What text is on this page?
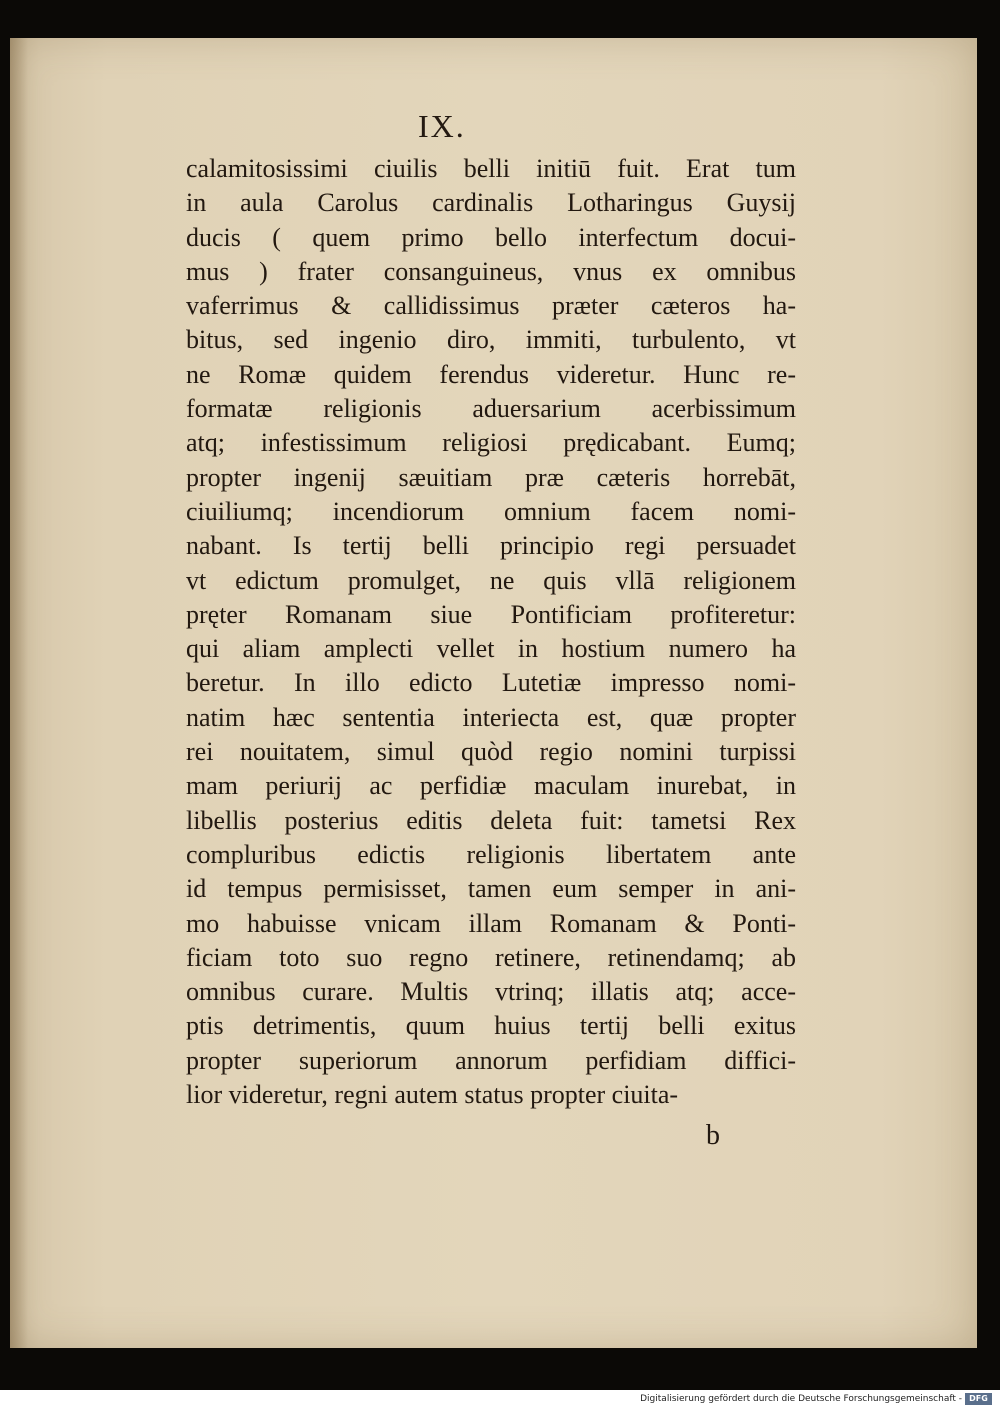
IX.
calamitosissimi ciuilis belli initiū fuit. Erat tum
in aula Carolus cardinalis Lotharingus Guysij
ducis ( quem primo bello interfectum docui-
mus ) frater consanguineus, vnus ex omnibus
vaferrimus & callidissimus præter cæteros ha-
bitus, sed ingenio diro, immiti, turbulento, vt
ne Romæ quidem ferendus videretur. Hunc re-
formatæ religionis aduersarium acerbissimum
atq; infestissimum religiosi prędicabant. Eumq;
propter ingenij sæuitiam præ cæteris horrebāt,
ciuiliumq; incendiorum omnium facem nomi-
nabant. Is tertij belli principio regi persuadet
vt edictum promulget, ne quis vllā religionem
pręter Romanam siue Pontificiam profiteretur:
qui aliam amplecti vellet in hostium numero ha
beretur. In illo edicto Lutetiæ impresso nomi-
natim hæc sententia interiecta est, quæ propter
rei nouitatem, simul quòd regio nomini turpissi
mam periurij ac perfidiæ maculam inurebat, in
libellis posterius editis deleta fuit: tametsi Rex
compluribus edictis religionis libertatem ante
id tempus permisisset, tamen eum semper in ani-
mo habuisse vnicam illam Romanam & Ponti-
ficiam toto suo regno retinere, retinendamq; ab
omnibus curare. Multis vtrinq; illatis atq; acce-
ptis detrimentis, quum huius tertij belli exitus
propter superiorum annorum perfidiam diffici-
lior videretur, regni autem status propter ciuita-
b
Digitalisierung gefördert durch die Deutsche Forschungsgemeinschaft - DFG
